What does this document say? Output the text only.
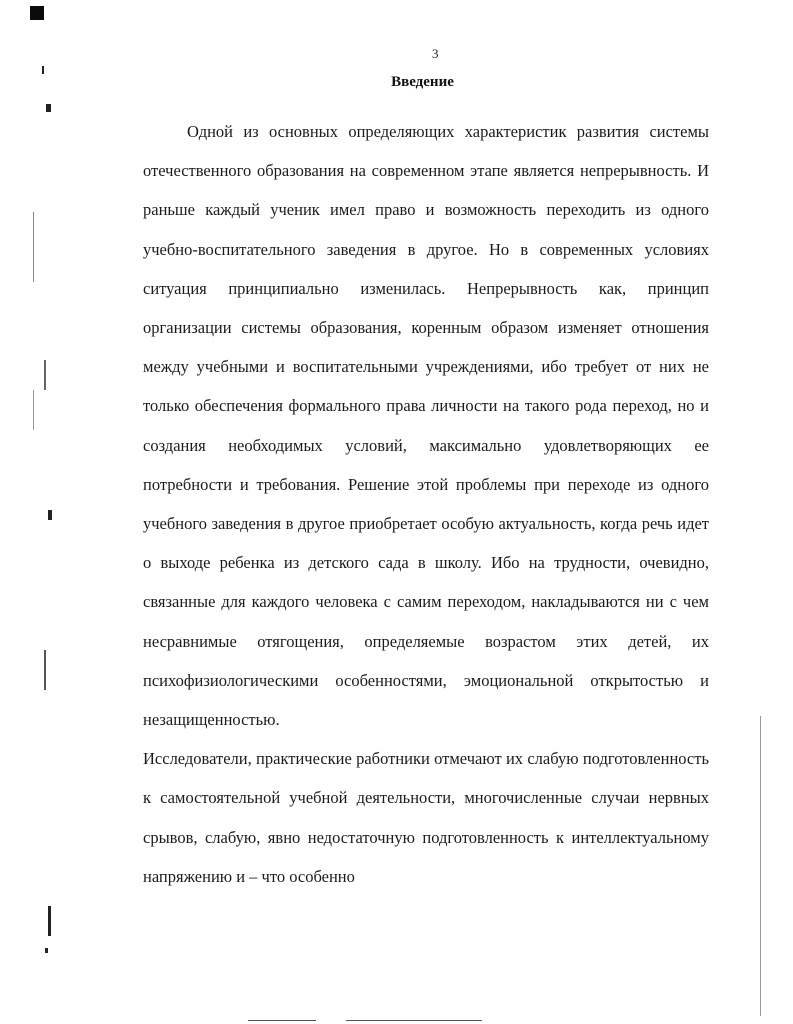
3
Введение

Одной из основных определяющих характеристик развития системы отечественного образования на современном этапе является непрерывность. И раньше каждый ученик имел право и возможность переходить из одного учебно-воспитательного заведения в другое. Но в современных условиях ситуация принципиально изменилась. Непрерывность как, принцип организации системы образования, коренным образом изменяет отношения между учебными и воспитательными учреждениями, ибо требует от них не только обеспечения формального права личности на такого рода переход, но и создания необходимых условий, максимально удовлетворяющих ее потребности и требования. Решение этой проблемы при переходе из одного учебного заведения в другое приобретает особую актуальность, когда речь идет о выходе ребенка из детского сада в школу. Ибо на трудности, очевидно, связанные для каждого человека с самим переходом, накладываются ни с чем несравнимые отягощения, определяемые возрастом этих детей, их психофизиологическими особенностями, эмоциональной открытостью и незащищенностью.

Исследователи, практические работники отмечают их слабую подготовленность к самостоятельной учебной деятельности, многочисленные случаи нервных срывов, слабую, явно недостаточную подготовленность к интеллектуальному напряжению и – что особенно
